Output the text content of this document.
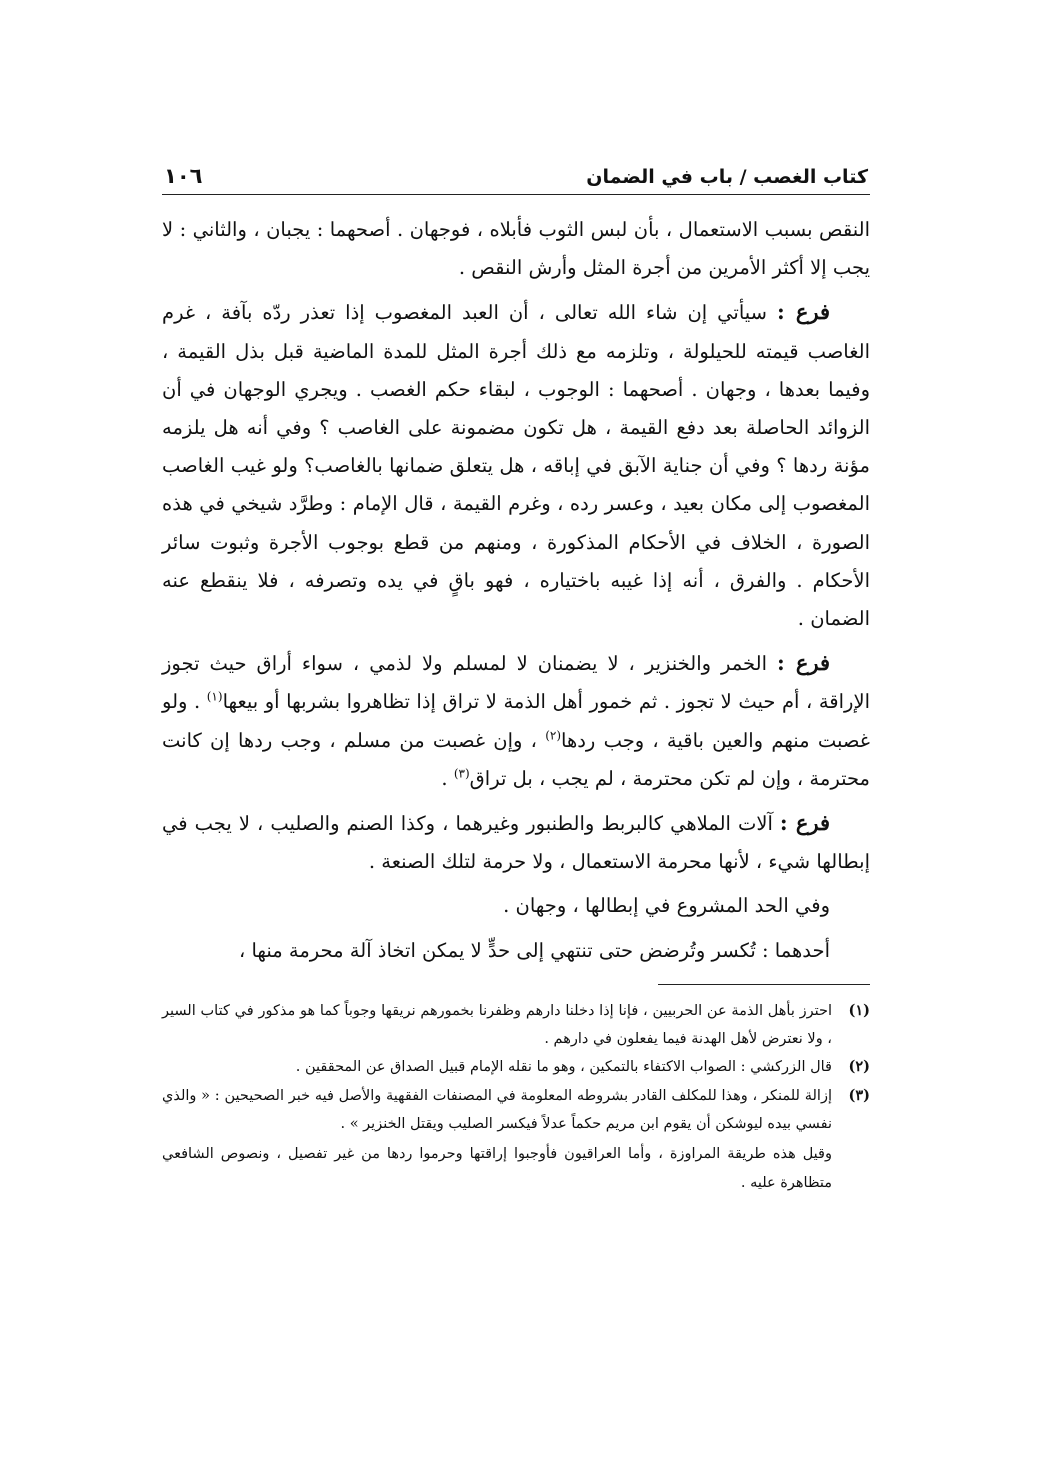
كتاب الغصب / باب في الضمان
١٠٦

النقص بسبب الاستعمال ، بأن لبس الثوب فأبلاه ، فوجهان . أصحهما : يجبان ، والثاني : لا يجب إلا أكثر الأمرين من أجرة المثل وأرش النقص .

فرع : سيأتي إن شاء الله تعالى ، أن العبد المغصوب إذا تعذر ردّه بآفة ، غرم الغاصب قيمته للحيلولة ، وتلزمه مع ذلك أجرة المثل للمدة الماضية قبل بذل القيمة ، وفيما بعدها ، وجهان . أصحهما : الوجوب ، لبقاء حكم الغصب . ويجري الوجهان في أن الزوائد الحاصلة بعد دفع القيمة ، هل تكون مضمونة على الغاصب ؟ وفي أنه هل يلزمه مؤنة ردها ؟ وفي أن جناية الآبق في إباقه ، هل يتعلق ضمانها بالغاصب؟ ولو غيب الغاصب المغصوب إلى مكان بعيد ، وعسر رده ، وغرم القيمة ، قال الإمام : وطرَّد شيخي في هذه الصورة ، الخلاف في الأحكام المذكورة ، ومنهم من قطع بوجوب الأجرة وثبوت سائر الأحكام . والفرق ، أنه إذا غيبه باختياره ، فهو باقٍ في يده وتصرفه ، فلا ينقطع عنه الضمان .

فرع : الخمر والخنزير ، لا يضمنان لا لمسلم ولا لذمي ، سواء أراق حيث تجوز الإراقة ، أم حيث لا تجوز . ثم خمور أهل الذمة لا تراق إذا تظاهروا بشربها أو بيعها$^{(١)}$ . ولو غصبت منهم والعين باقية ، وجب ردها$^{(٢)}$ ، وإن غصبت من مسلم ، وجب ردها إن كانت محترمة ، وإن لم تكن محترمة ، لم يجب ، بل تراق$^{(٣)}$ .

فرع : آلات الملاهي كالبربط والطنبور وغيرهما ، وكذا الصنم والصليب ، لا يجب في إبطالها شيء ، لأنها محرمة الاستعمال ، ولا حرمة لتلك الصنعة .

وفي الحد المشروع في إبطالها ، وجهان .

أحدهما : تُكسر وتُرضض حتى تنتهي إلى حدٍّ لا يمكن اتخاذ آلة محرمة منها ،

(١)
احترز بأهل الذمة عن الحربيين ، فإنا إذا دخلنا دارهم وظفرنا بخمورهم نريقها وجوباً كما هو مذكور في كتاب السير ، ولا نعترض لأهل الهدنة فيما يفعلون في دارهم .
(٢)
قال الزركشي : الصواب الاكتفاء بالتمكين ، وهو ما نقله الإمام قبيل الصداق عن المحققين .
(٣)
إزالة للمنكر ، وهذا للمكلف القادر بشروطه المعلومة في المصنفات الفقهية والأصل فيه خبر الصحيحين : « والذي نفسي بيده ليوشكن أن يقوم ابن مريم حكماً عدلاً فيكسر الصليب ويقتل الخنزير » .

وقيل هذه طريقة المراوزة ، وأما العراقيون فأوجبوا إراقتها وحرموا ردها من غير تفصيل ، ونصوص الشافعي متظاهرة عليه .
